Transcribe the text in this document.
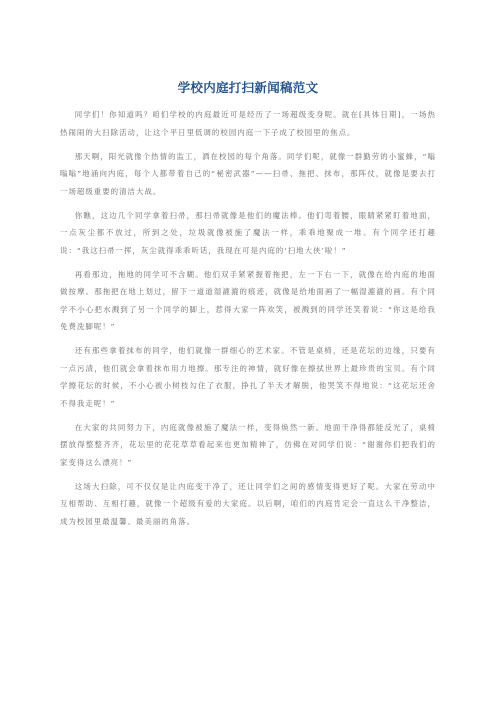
学校内庭打扫新闻稿范文

同学们！你知道吗？咱们学校的内庭最近可是经历了一场超级变身呢。就在[具体日期]，一场热热闹闹的大扫除活动，让这个平日里低调的校园内庭一下子成了校园里的焦点。

那天啊，阳光就像个热情的监工，洒在校园的每个角落。同学们呢，就像一群勤劳的小蜜蜂，“嗡嗡嗡”地涌向内庭，每个人都带着自己的“秘密武器”——扫帚、拖把、抹布，那阵仗，就像是要去打一场超级重要的清洁大战。

你瞧，这边几个同学拿着扫帚，那扫帚就像是他们的魔法棒。他们弯着腰，眼睛紧紧盯着地面，一点灰尘都不放过，所到之处，垃圾就像被施了魔法一样，乖乖地聚成一堆。有个同学还打趣说：“我这扫帚一挥，灰尘就得乖乖听话，我现在可是内庭的‘扫地大侠’啦！”

再看那边，拖地的同学可不含糊。他们双手紧紧握着拖把，左一下右一下，就像在给内庭的地面做按摩。那拖把在地上划过，留下一道道湿漉漉的痕迹，就像是给地面画了一幅湿漉漉的画。有个同学不小心把水溅到了另一个同学的脚上，惹得大家一阵欢笑，被溅到的同学还笑着说：“你这是给我免费洗脚呢！”

还有那些拿着抹布的同学，他们就像一群细心的艺术家。不管是桌椅，还是花坛的边缘，只要有一点污渍，他们就会拿着抹布用力地擦。那专注的神情，就好像在擦拭世界上最珍贵的宝贝。有个同学擦花坛的时候，不小心被小树枝勾住了衣服，挣扎了半天才解脱，他哭笑不得地说：“这花坛还舍不得我走呢！”

在大家的共同努力下，内庭就像被施了魔法一样，变得焕然一新。地面干净得都能反光了，桌椅摆放得整整齐齐，花坛里的花花草草看起来也更加精神了，仿佛在对同学们说：“谢谢你们把我们的家变得这么漂亮！”

这场大扫除，可不仅仅是让内庭变干净了，还让同学们之间的感情变得更好了呢。大家在劳动中互相帮助、互相打趣，就像一个超级有爱的大家庭。以后啊，咱们的内庭肯定会一直这么干净整洁，成为校园里最温馨、最美丽的角落。
